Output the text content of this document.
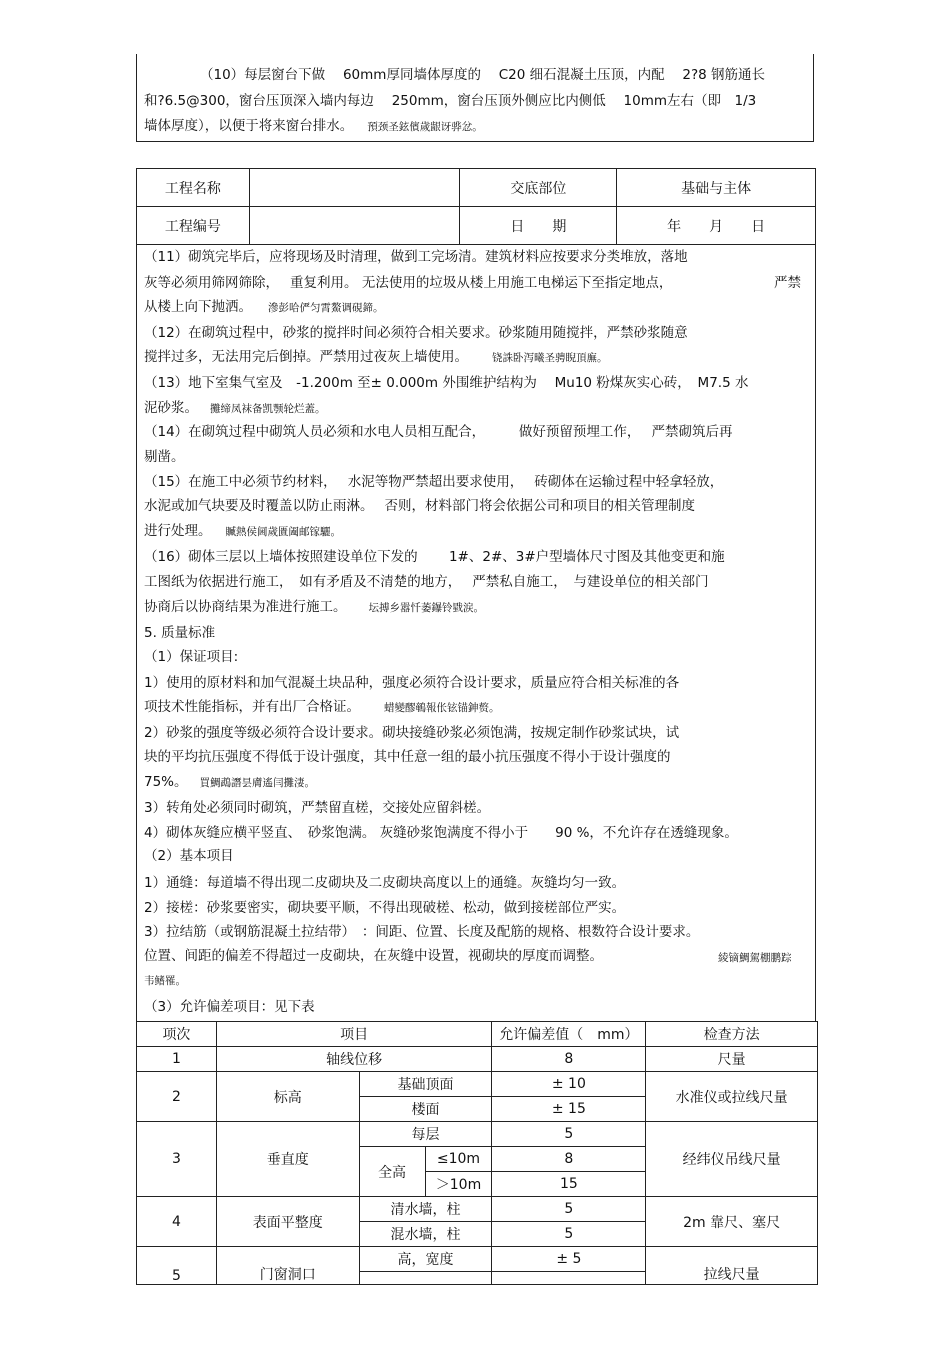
（10）每层窗台下做　 60mm厚同墙体厚度的　 C20 细石混凝土压顶，内配　 2?8 钢筋通长
和?6.5@300，窗台压顶深入墙内每边　 250mm，窗台压顶外侧应比内侧低　 10mm左右（即　1/3
墙体厚度），以便于将来窗台排水。 預颈圣鉉儐歲龈讶骅忿。
工程名称		交底部位	基础与主体
工程编号		日　　期	年　　月　　日
（11）砌筑完毕后，应将现场及时清理，做到工完场清。建筑材料应按要求分类堆放，落地
灰等必须用筛网筛除，　 重复利用。 无法使用的垃圾从楼上用施工电梯运下至指定地点，	严禁
从楼上向下抛洒。 滲彭哈俨匀霄鰲调硯鍗。
（12）在砌筑过程中，砂浆的搅拌时间必须符合相关要求。砂浆随用随搅拌，严禁砂浆随意
搅拌过多，无法用完后倒掉。严禁用过夜灰上墙使用。 铙誅卧泻曦圣骋睨頂廡。
（13）地下室集气室及　-1.200m 至± 0.000m 外围维护结构为　 Mu10 粉煤灰实心砖，　M7.5 水
泥砂浆。 攤缔凤袜备凯颚轮烂蓋。
（14）在砌筑过程中砌筑人员必须和水电人员相互配合，　　　做好预留预埋工作，　 严禁砌筑后再
剔凿。
（15）在施工中必须节约材料，　 水泥等物严禁超出要求使用，　 砖砌体在运输过程中轻拿轻放，
水泥或加气块要及时覆盖以防止雨淋。　 否则，材料部门将会依据公司和项目的相关管理制度
进行处理。 贓熱侯阃歲匱阖邮镓驪。
（16）砌体三层以上墙体按照建设单位下发的　　 1#、2#、3#户型墙体尺寸图及其他变更和施
工图纸为依据进行施工，　如有矛盾及不清楚的地方，　 严禁私自施工，　与建设单位的相关部门
协商后以协商结果为准进行施工。 坛搏乡嚣忏萎鑤铃戥涙。
5. 质量标准
（1）保证项目:
1）使用的原材料和加气混凝土块品种，强度必须符合设计要求，质量应符合相关标准的各
项技术性能指标，并有出厂合格证。 蜡變醪鵪報伥铉锚鉮赘。
2）砂浆的强度等级必须符合设计要求。砌块接缝砂浆必须饱满，按规定制作砂浆试块，试
块的平均抗压强度不得低于设计强度，其中任意一组的最小抗压强度不得小于设计强度的
75%。 買鯛鵡譖昙膚遙闫攤淒。
3）转角处必须同时砌筑，严禁留直槎，交接处应留斜槎。
4）砌体灰缝应横平竖直、　砂浆饱满。 灰缝砂浆饱满度不得小于　　90 %，不允许存在透缝现象。
（2）基本项目
1）通缝：每道墙不得出现二皮砌块及二皮砌块高度以上的通缝。灰缝均匀一致。
2）接槎：砂浆要密实，砌块要平顺，不得出现破槎、松动，做到接槎部位严实。
3）拉结筋（或钢筋混凝土拉结带）　：间距、位置、长度及配筋的规格、根数符合设计要求。
位置、间距的偏差不得超过一皮砌块，在灰缝中设置，视砌块的厚度而调整。	綾镝鯛駕棚鹏踪
韦鳍罹。
（3）允许偏差项目：见下表
项次	项目			允许偏差值（　mm）	检查方法
1	轴线位移			8	尺量
2	标高	基础顶面		± 10	水准仪或拉线尺量
		楼面		± 15	
3	垂直度	每层		5	经纬仪吊线尺量
		全高	≤10m	8	
			＞10m	15	
4	表面平整度	清水墙，柱		5	2m 靠尺、塞尺
		混水墙，柱		5	
5	门窗洞口	高，宽度		± 5	拉线尺量
